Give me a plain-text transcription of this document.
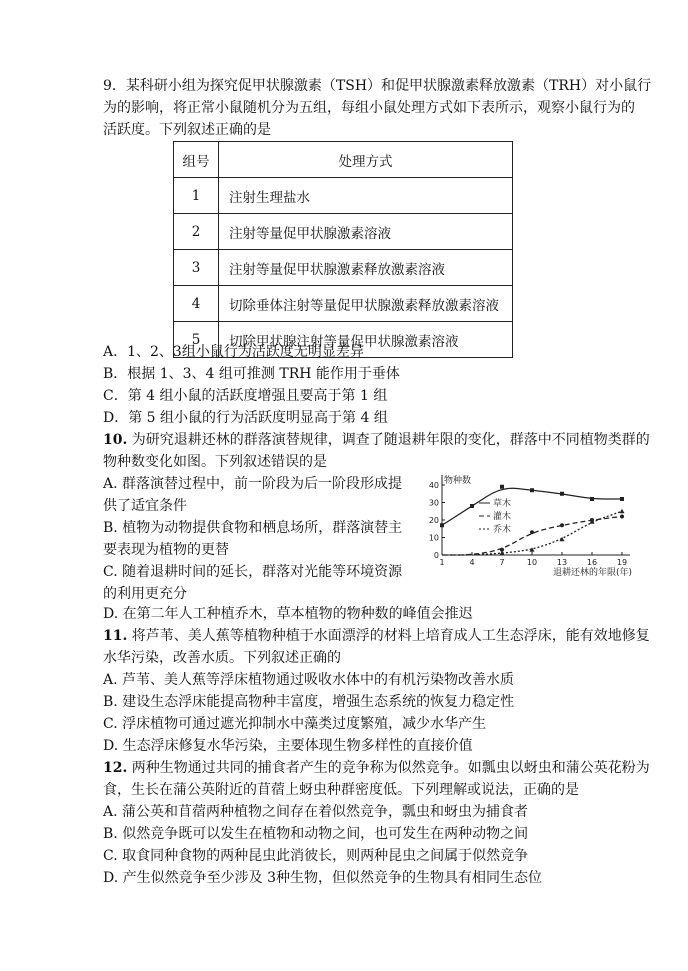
9．某科研小组为探究促甲状腺激素（TSH）和促甲状腺激素释放激素（TRH）对小鼠行
为的影响，将正常小鼠随机分为五组，每组小鼠处理方式如下表所示，观察小鼠行为的
活跃度。下列叙述正确的是
组号	处理方式
1	注射生理盐水
2	注射等量促甲状腺激素溶液
3	注射等量促甲状腺激素释放激素溶液
4	切除垂体注射等量促甲状腺激素释放激素溶液
5	切除甲状腺注射等量促甲状腺激素溶液
A．1、2、3组小鼠行为活跃度无明显差异
B．根据 1、3、4 组可推测 TRH 能作用于垂体
C．第 4 组小鼠的活跃度增强且要高于第 1 组
D．第 5 组小鼠的行为活跃度明显高于第 4 组
10. 为研究退耕还林的群落演替规律，调查了随退耕年限的变化，群落中不同植物类群的
物种数变化如图。下列叙述错误的是
A. 群落演替过程中，前一阶段为后一阶段形成提
供了适宜条件
B. 植物为动物提供食物和栖息场所，群落演替主
要表现为植物的更替
C. 随着退耕时间的延长，群落对光能等环境资源
的利用更充分
D. 在第二年人工种植乔木，草本植物的物种数的峰值会推迟
0
10
20
30
40
1	4	7	10 13 16 19
物种数
退耕还林的年限(年)
草木
灌木
乔木
11. 将芦苇、美人蕉等植物种植于水面漂浮的材料上培育成人工生态浮床，能有效地修复
水华污染，改善水质。下列叙述正确的
A. 芦苇、美人蕉等浮床植物通过吸收水体中的有机污染物改善水质
B. 建设生态浮床能提高物种丰富度，增强生态系统的恢复力稳定性
C. 浮床植物可通过遮光抑制水中藻类过度繁殖，减少水华产生
D. 生态浮床修复水华污染，主要体现生物多样性的直接价值
12. 两种生物通过共同的捕食者产生的竞争称为似然竞争。如瓢虫以蚜虫和蒲公英花粉为
食，生长在蒲公英附近的苜蓿上蚜虫种群密度低。下列理解或说法，正确的是
A. 蒲公英和苜蓿两种植物之间存在着似然竞争，瓢虫和蚜虫为捕食者
B. 似然竞争既可以发生在植物和动物之间，也可发生在两种动物之间
C. 取食同种食物的两种昆虫此消彼长，则两种昆虫之间属于似然竞争
D. 产生似然竞争至少涉及 3种生物，但似然竞争的生物具有相同生态位
